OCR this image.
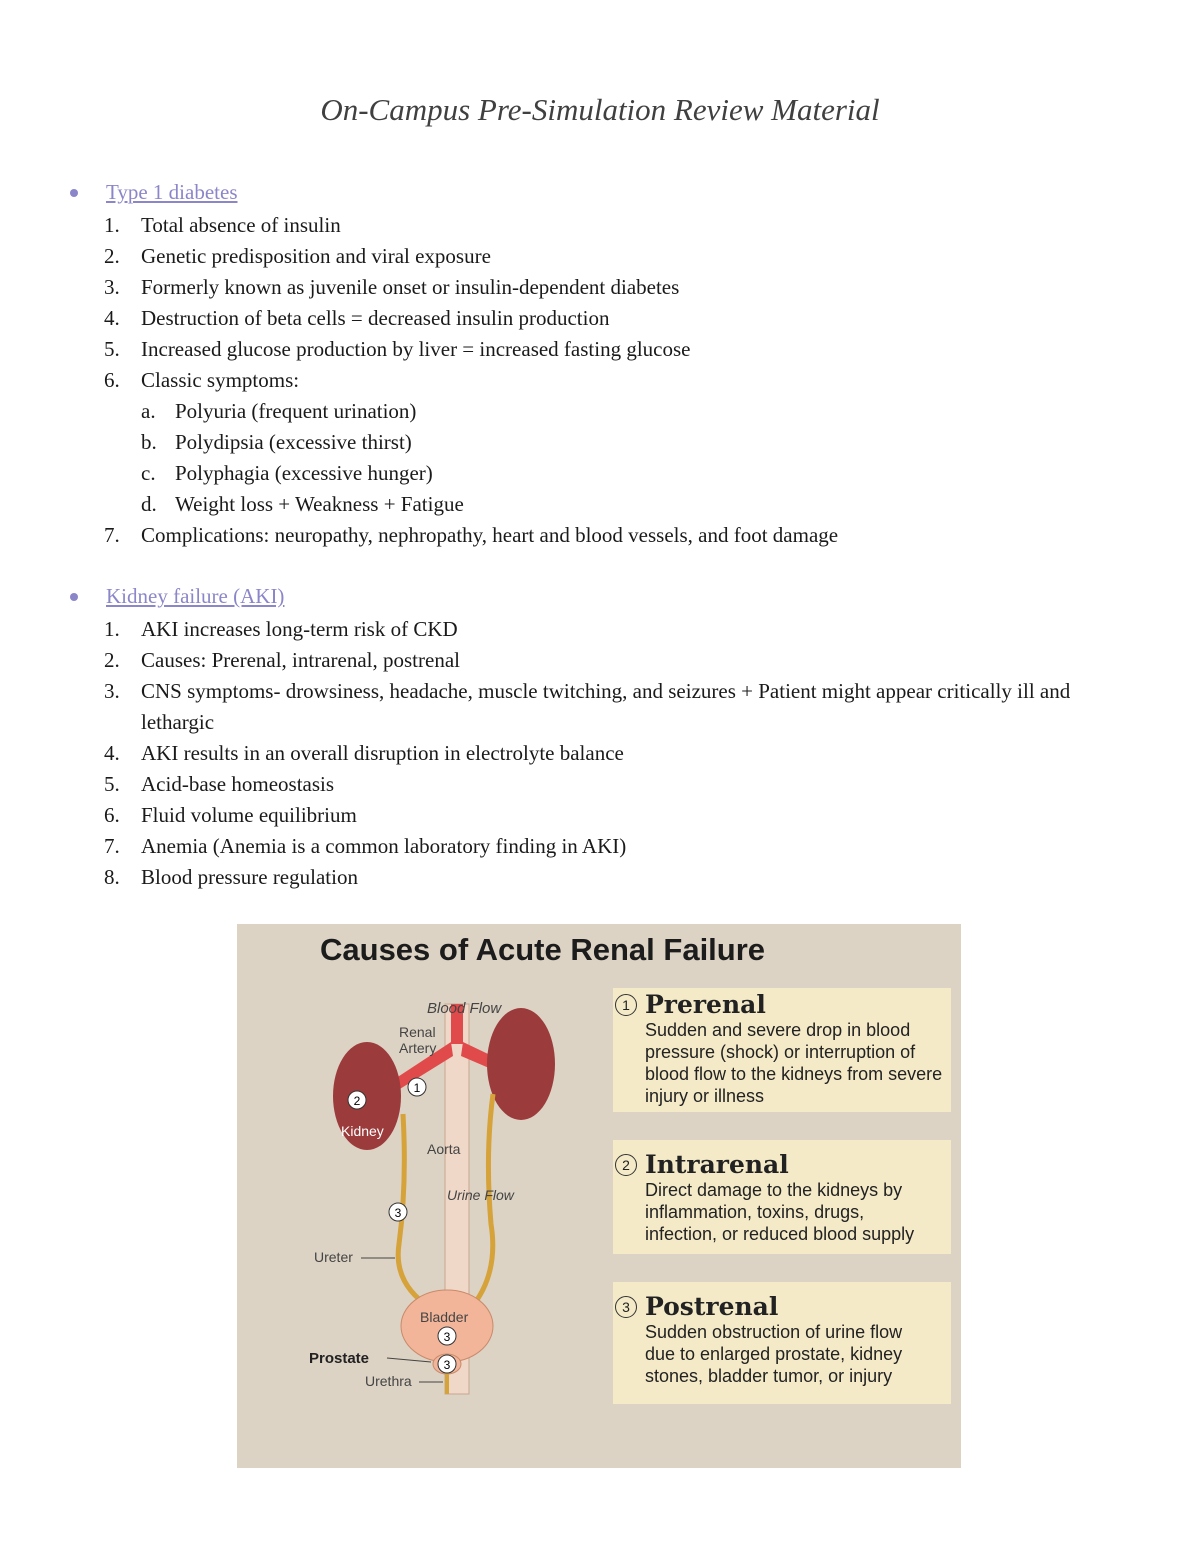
On-Campus Pre-Simulation Review Material
Type 1 diabetes
1. Total absence of insulin
2. Genetic predisposition and viral exposure
3. Formerly known as juvenile onset or insulin-dependent diabetes
4. Destruction of beta cells = decreased insulin production
5. Increased glucose production by liver = increased fasting glucose
6. Classic symptoms:
a. Polyuria (frequent urination)
b. Polydipsia (excessive thirst)
c. Polyphagia (excessive hunger)
d. Weight loss + Weakness + Fatigue
7. Complications: neuropathy, nephropathy, heart and blood vessels, and foot damage
Kidney failure (AKI)
1. AKI increases long-term risk of CKD
2. Causes: Prerenal, intrarenal, postrenal
3. CNS symptoms- drowsiness, headache, muscle twitching, and seizures + Patient might appear critically ill and lethargic
4. AKI results in an overall disruption in electrolyte balance
5. Acid-base homeostasis
6. Fluid volume equilibrium
7. Anemia (Anemia is a common laboratory finding in AKI)
8. Blood pressure regulation
Causes of Acute Renal Failure
1
2
3
3
3
Blood Flow
Renal
Artery
Kidney
Aorta
Urine Flow
Ureter
Bladder
Prostate
Urethra
1 Prerenal
Sudden and severe drop in blood pressure (shock) or interruption of blood flow to the kidneys from severe injury or illness
2 Intrarenal
Direct damage to the kidneys by inflammation, toxins, drugs, infection, or reduced blood supply
3 Postrenal
Sudden obstruction of urine flow due to enlarged prostate, kidney stones, bladder tumor, or injury
